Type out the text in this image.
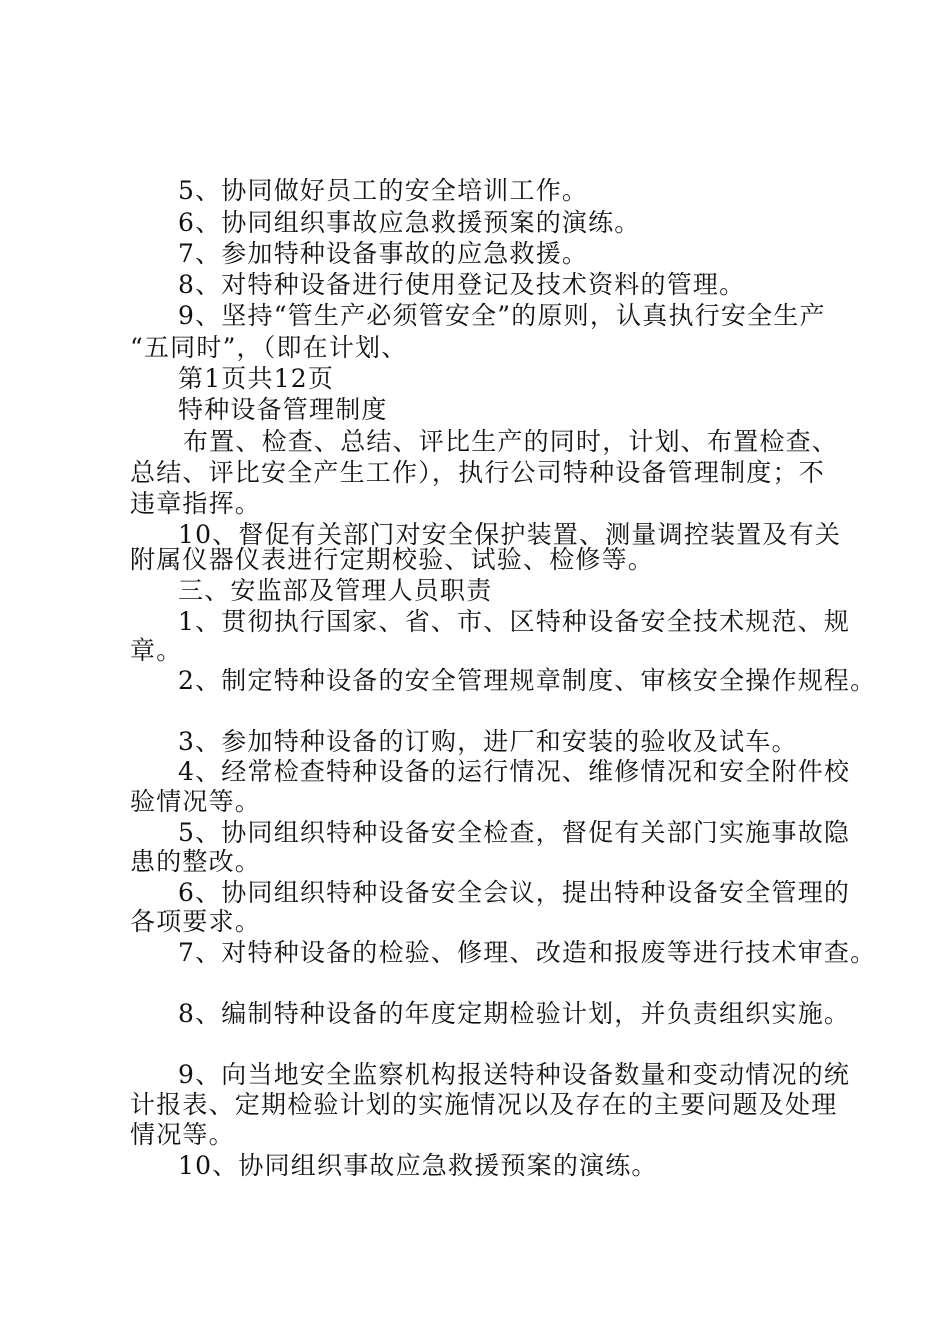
5、协同做好员工的安全培训工作。
6、协同组织事故应急救援预案的演练。
7、参加特种设备事故的应急救援。
8、对特种设备进行使用登记及技术资料的管理。
9、坚持“管生产必须管安全”的原则，认真执行安全生产
“五同时”，（即在计划、
第1页共12页
特种设备管理制度
布置、检查、总结、评比生产的同时，计划、布置检查、
总结、评比安全产生工作），执行公司特种设备管理制度；不
违章指挥。
10、督促有关部门对安全保护装置、测量调控装置及有关
附属仪器仪表进行定期校验、试验、检修等。
三、安监部及管理人员职责
1、贯彻执行国家、省、市、区特种设备安全技术规范、规
章。
2、制定特种设备的安全管理规章制度、审核安全操作规程。
3、参加特种设备的订购，进厂和安装的验收及试车。
4、经常检查特种设备的运行情况、维修情况和安全附件校
验情况等。
5、协同组织特种设备安全检查，督促有关部门实施事故隐
患的整改。
6、协同组织特种设备安全会议，提出特种设备安全管理的
各项要求。
7、对特种设备的检验、修理、改造和报废等进行技术审查。
8、编制特种设备的年度定期检验计划，并负责组织实施。
9、向当地安全监察机构报送特种设备数量和变动情况的统
计报表、定期检验计划的实施情况以及存在的主要问题及处理
情况等。
10、协同组织事故应急救援预案的演练。
